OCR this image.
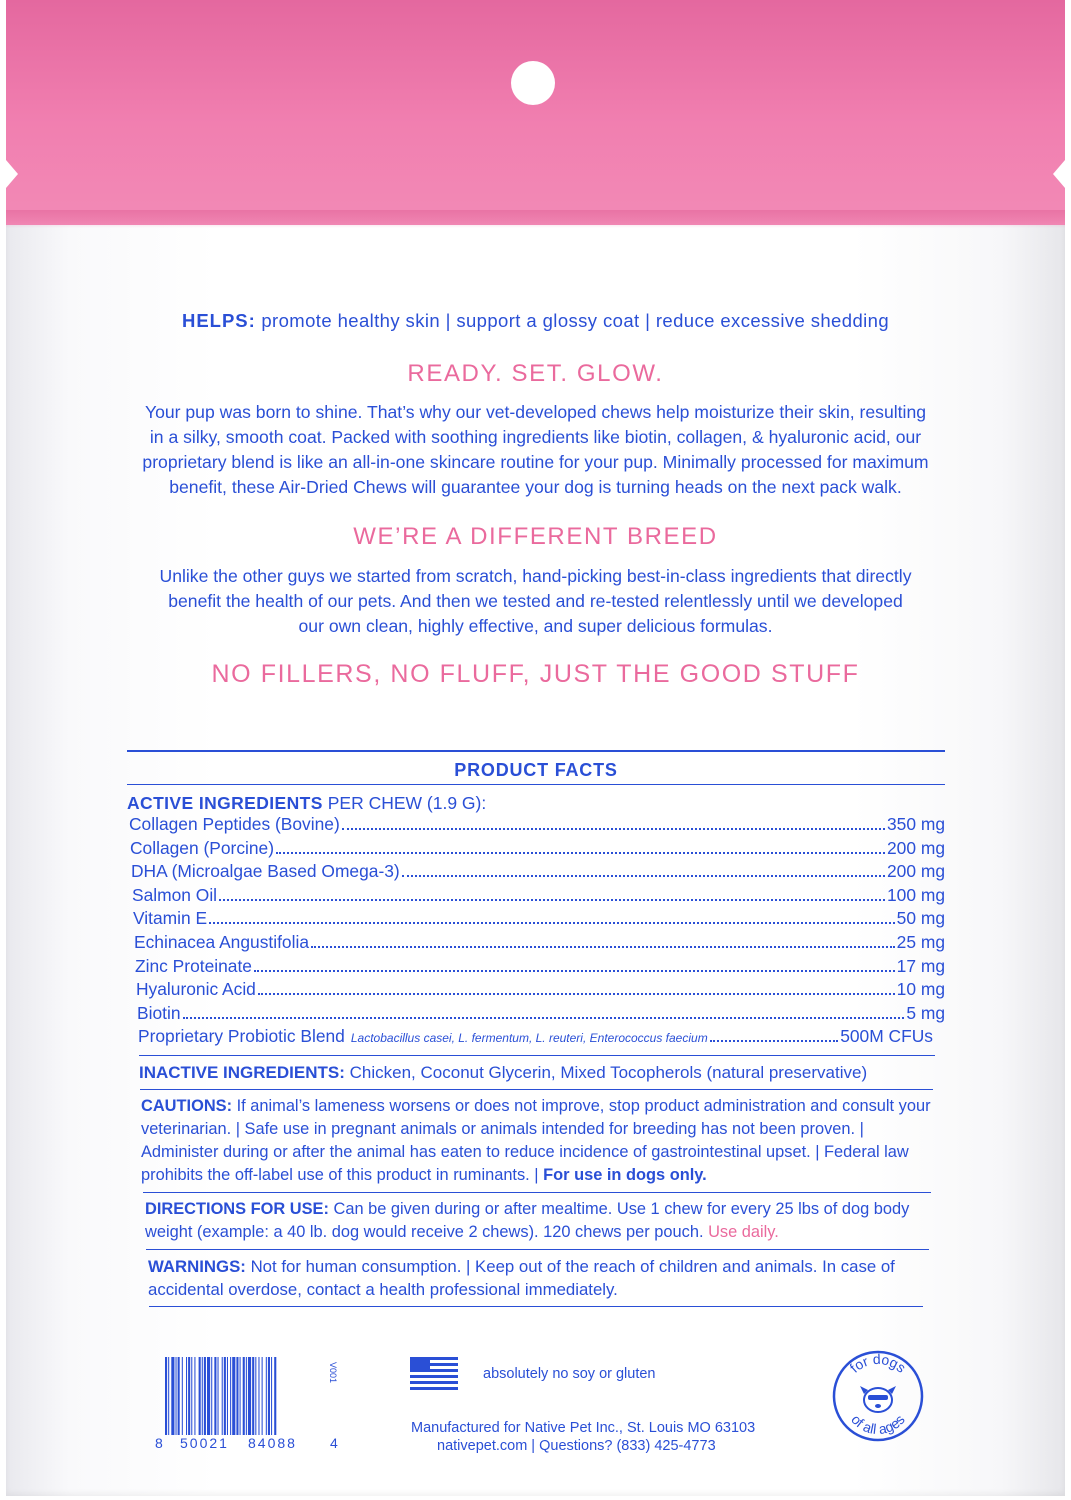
HELPS: promote healthy skin | support a glossy coat | reduce excessive shedding
READY. SET. GLOW.
Your pup was born to shine. That’s why our vet-developed chews help moisturize their skin, resulting
in a silky, smooth coat. Packed with soothing ingredients like biotin, collagen, & hyaluronic acid, our
proprietary blend is like an all-in-one skincare routine for your pup. Minimally processed for maximum
benefit, these Air-Dried Chews will guarantee your dog is turning heads on the next pack walk.
WE’RE A DIFFERENT BREED
Unlike the other guys we started from scratch, hand-picking best-in-class ingredients that directly
benefit the health of our pets. And then we tested and re-tested relentlessly until we developed
our own clean, highly effective, and super delicious formulas.
NO FILLERS, NO FLUFF, JUST THE GOOD STUFF
PRODUCT FACTS
ACTIVE INGREDIENTS PER CHEW (1.9 G):
Collagen Peptides (Bovine)	350 mg
Collagen (Porcine)	200 mg
DHA (Microalgae Based Omega-3)	200 mg
Salmon Oil	100 mg
Vitamin E	50 mg
Echinacea Angustifolia	25 mg
Zinc Proteinate	17 mg
Hyaluronic Acid	10 mg
Biotin	5 mg
Proprietary Probiotic Blend Lactobacillus casei, L. fermentum, L. reuteri, Enterococcus faecium	500M CFUs
INACTIVE INGREDIENTS: Chicken, Coconut Glycerin, Mixed Tocopherols (natural preservative)
CAUTIONS: If animal’s lameness worsens or does not improve, stop product administration and consult your veterinarian. | Safe use in pregnant animals or animals intended for breeding has not been proven. | Administer during or after the animal has eaten to reduce incidence of gastrointestinal upset. | Federal law prohibits the off-label use of this product in ruminants. | For use in dogs only.
DIRECTIONS FOR USE: Can be given during or after mealtime. Use 1 chew for every 25 lbs of dog body weight (example: a 40 lb. dog would receive 2 chews). 120 chews per pouch. Use daily.
WARNINGS: Not for human consumption. | Keep out of the reach of children and animals. In case of accidental overdose, contact a health professional immediately.
8 50021 84088 4
V001	absolutely no soy or gluten
Manufactured for Native Pet Inc., St. Louis MO 63103
nativepet.com | Questions? (833) 425-4773
for dogs
of all ages
